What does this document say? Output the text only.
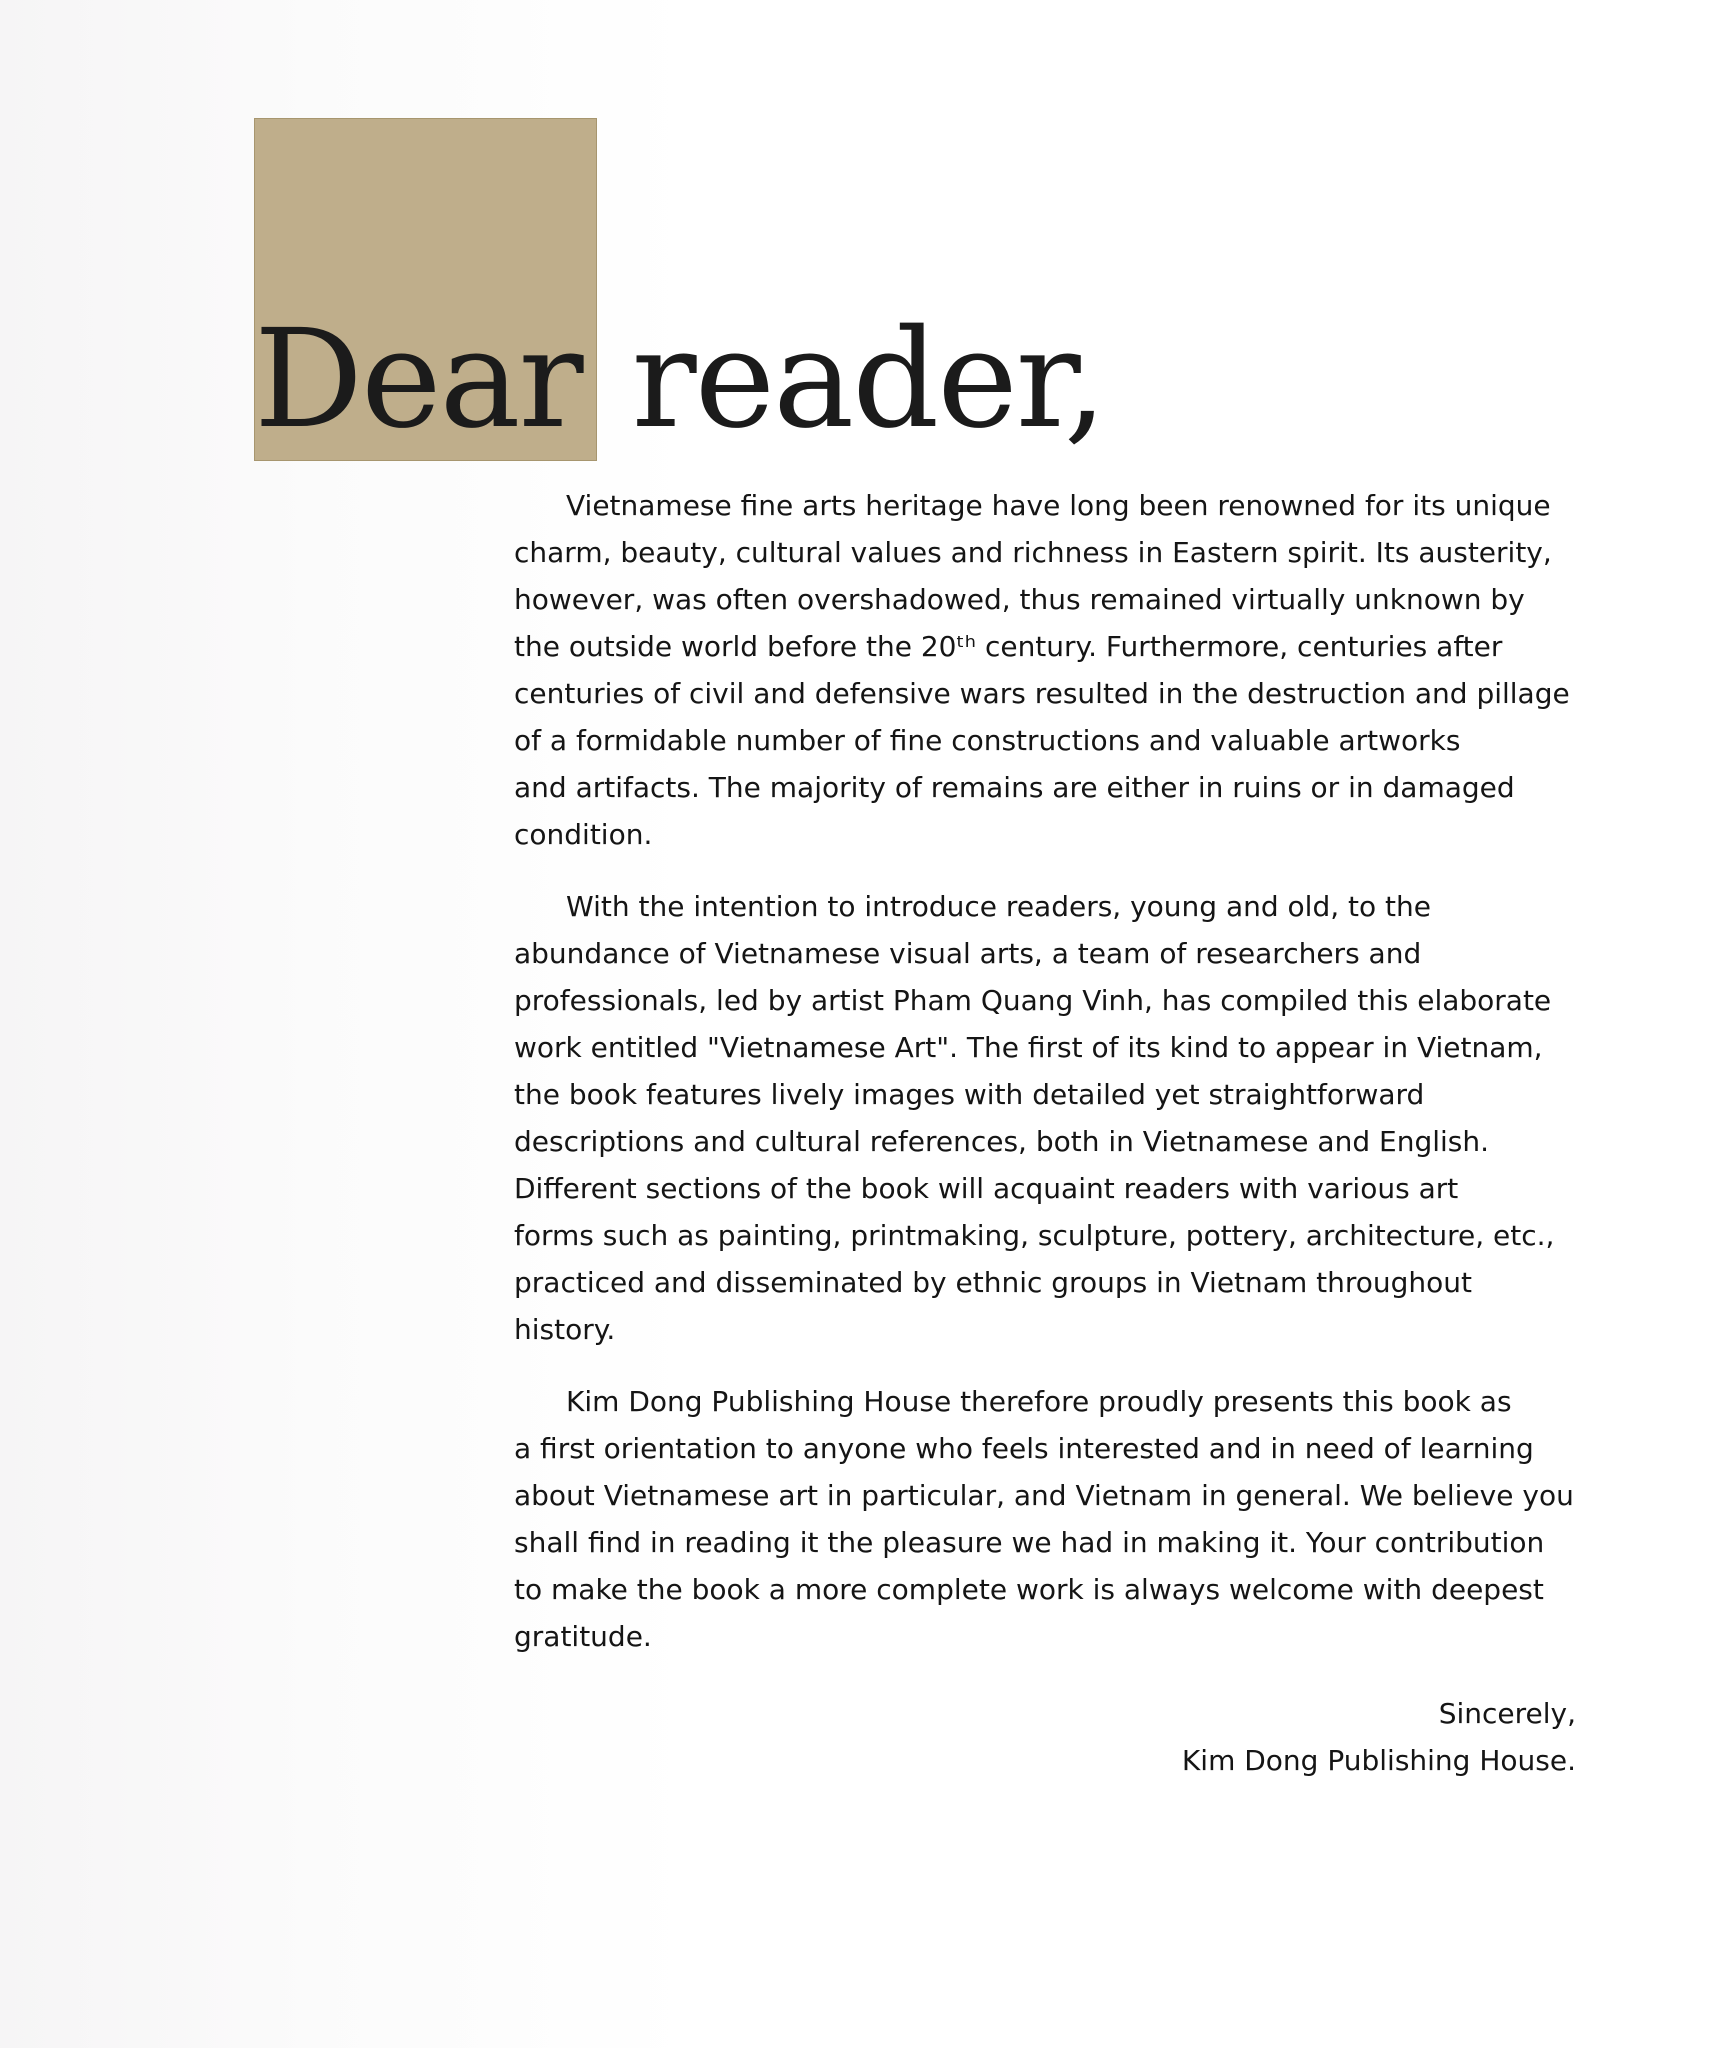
Dear reader,

Vietnamese fine arts heritage have long been renowned for its unique
charm, beauty, cultural values and richness in Eastern spirit. Its austerity,
however, was often overshadowed, thus remained virtually unknown by
the outside world before the 20ᵗʰ century. Furthermore, centuries after
centuries of civil and defensive wars resulted in the destruction and pillage
of a formidable number of fine constructions and valuable artworks
and artifacts. The majority of remains are either in ruins or in damaged
condition.

With the intention to introduce readers, young and old, to the
abundance of Vietnamese visual arts, a team of researchers and
professionals, led by artist Pham Quang Vinh, has compiled this elaborate
work entitled "Vietnamese Art". The first of its kind to appear in Vietnam,
the book features lively images with detailed yet straightforward
descriptions and cultural references, both in Vietnamese and English.
Different sections of the book will acquaint readers with various art
forms such as painting, printmaking, sculpture, pottery, architecture, etc.,
practiced and disseminated by ethnic groups in Vietnam throughout
history.

Kim Dong Publishing House therefore proudly presents this book as
a first orientation to anyone who feels interested and in need of learning
about Vietnamese art in particular, and Vietnam in general. We believe you
shall find in reading it the pleasure we had in making it. Your contribution
to make the book a more complete work is always welcome with deepest
gratitude.

Sincerely,
Kim Dong Publishing House.
